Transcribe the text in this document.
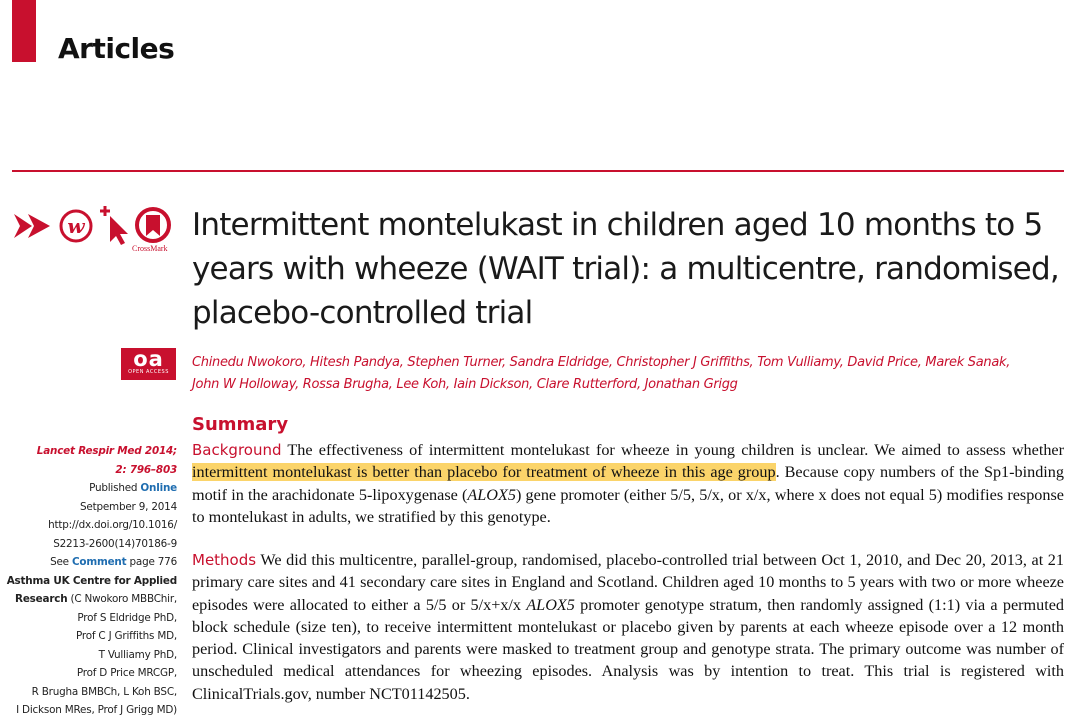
Articles
w
CrossMark
oa
OPEN ACCESS
Intermittent montelukast in children aged 10 months to 5 years with wheeze (WAIT trial): a multicentre, randomised, placebo-controlled trial
Chinedu Nwokoro, Hitesh Pandya, Stephen Turner, Sandra Eldridge, Christopher J Griffiths, Tom Vulliamy, David Price, Marek Sanak,
John W Holloway, Rossa Brugha, Lee Koh, Iain Dickson, Clare Rutterford, Jonathan Grigg
Summary
Lancet Respir Med 2014;
2: 796–803
Published Online
Setpember 9, 2014
http://dx.doi.org/10.1016/
S2213-2600(14)70186-9
See Comment page 776
Asthma UK Centre for Applied
Research (C Nwokoro MBBChir,
Prof S Eldridge PhD,
Prof C J Griffiths MD,
T Vulliamy PhD,
Prof D Price MRCGP,
R Brugha BMBCh, L Koh BSC,
I Dickson MRes, Prof J Grigg MD)

Background The effectiveness of intermittent montelukast for wheeze in young children is unclear. We aimed to assess whether intermittent montelukast is better than placebo for treatment of wheeze in this age group. Because copy numbers of the Sp1-binding motif in the arachidonate 5-lipoxygenase (ALOX5) gene promoter (either 5/5, 5/x, or x/x, where x does not equal 5) modifies response to montelukast in adults, we stratified by this genotype.

Methods We did this multicentre, parallel-group, randomised, placebo-controlled trial between Oct 1, 2010, and Dec 20, 2013, at 21 primary care sites and 41 secondary care sites in England and Scotland. Children aged 10 months to 5 years with two or more wheeze episodes were allocated to either a 5/5 or 5/x+x/x ALOX5 promoter genotype stratum, then randomly assigned (1:1) via a permuted block schedule (size ten), to receive intermittent montelukast or placebo given by parents at each wheeze episode over a 12 month period. Clinical investigators and parents were masked to treatment group and genotype strata. The primary outcome was number of unscheduled medical attendances for wheezing episodes. Analysis was by intention to treat. This trial is registered with ClinicalTrials.gov, number NCT01142505.
